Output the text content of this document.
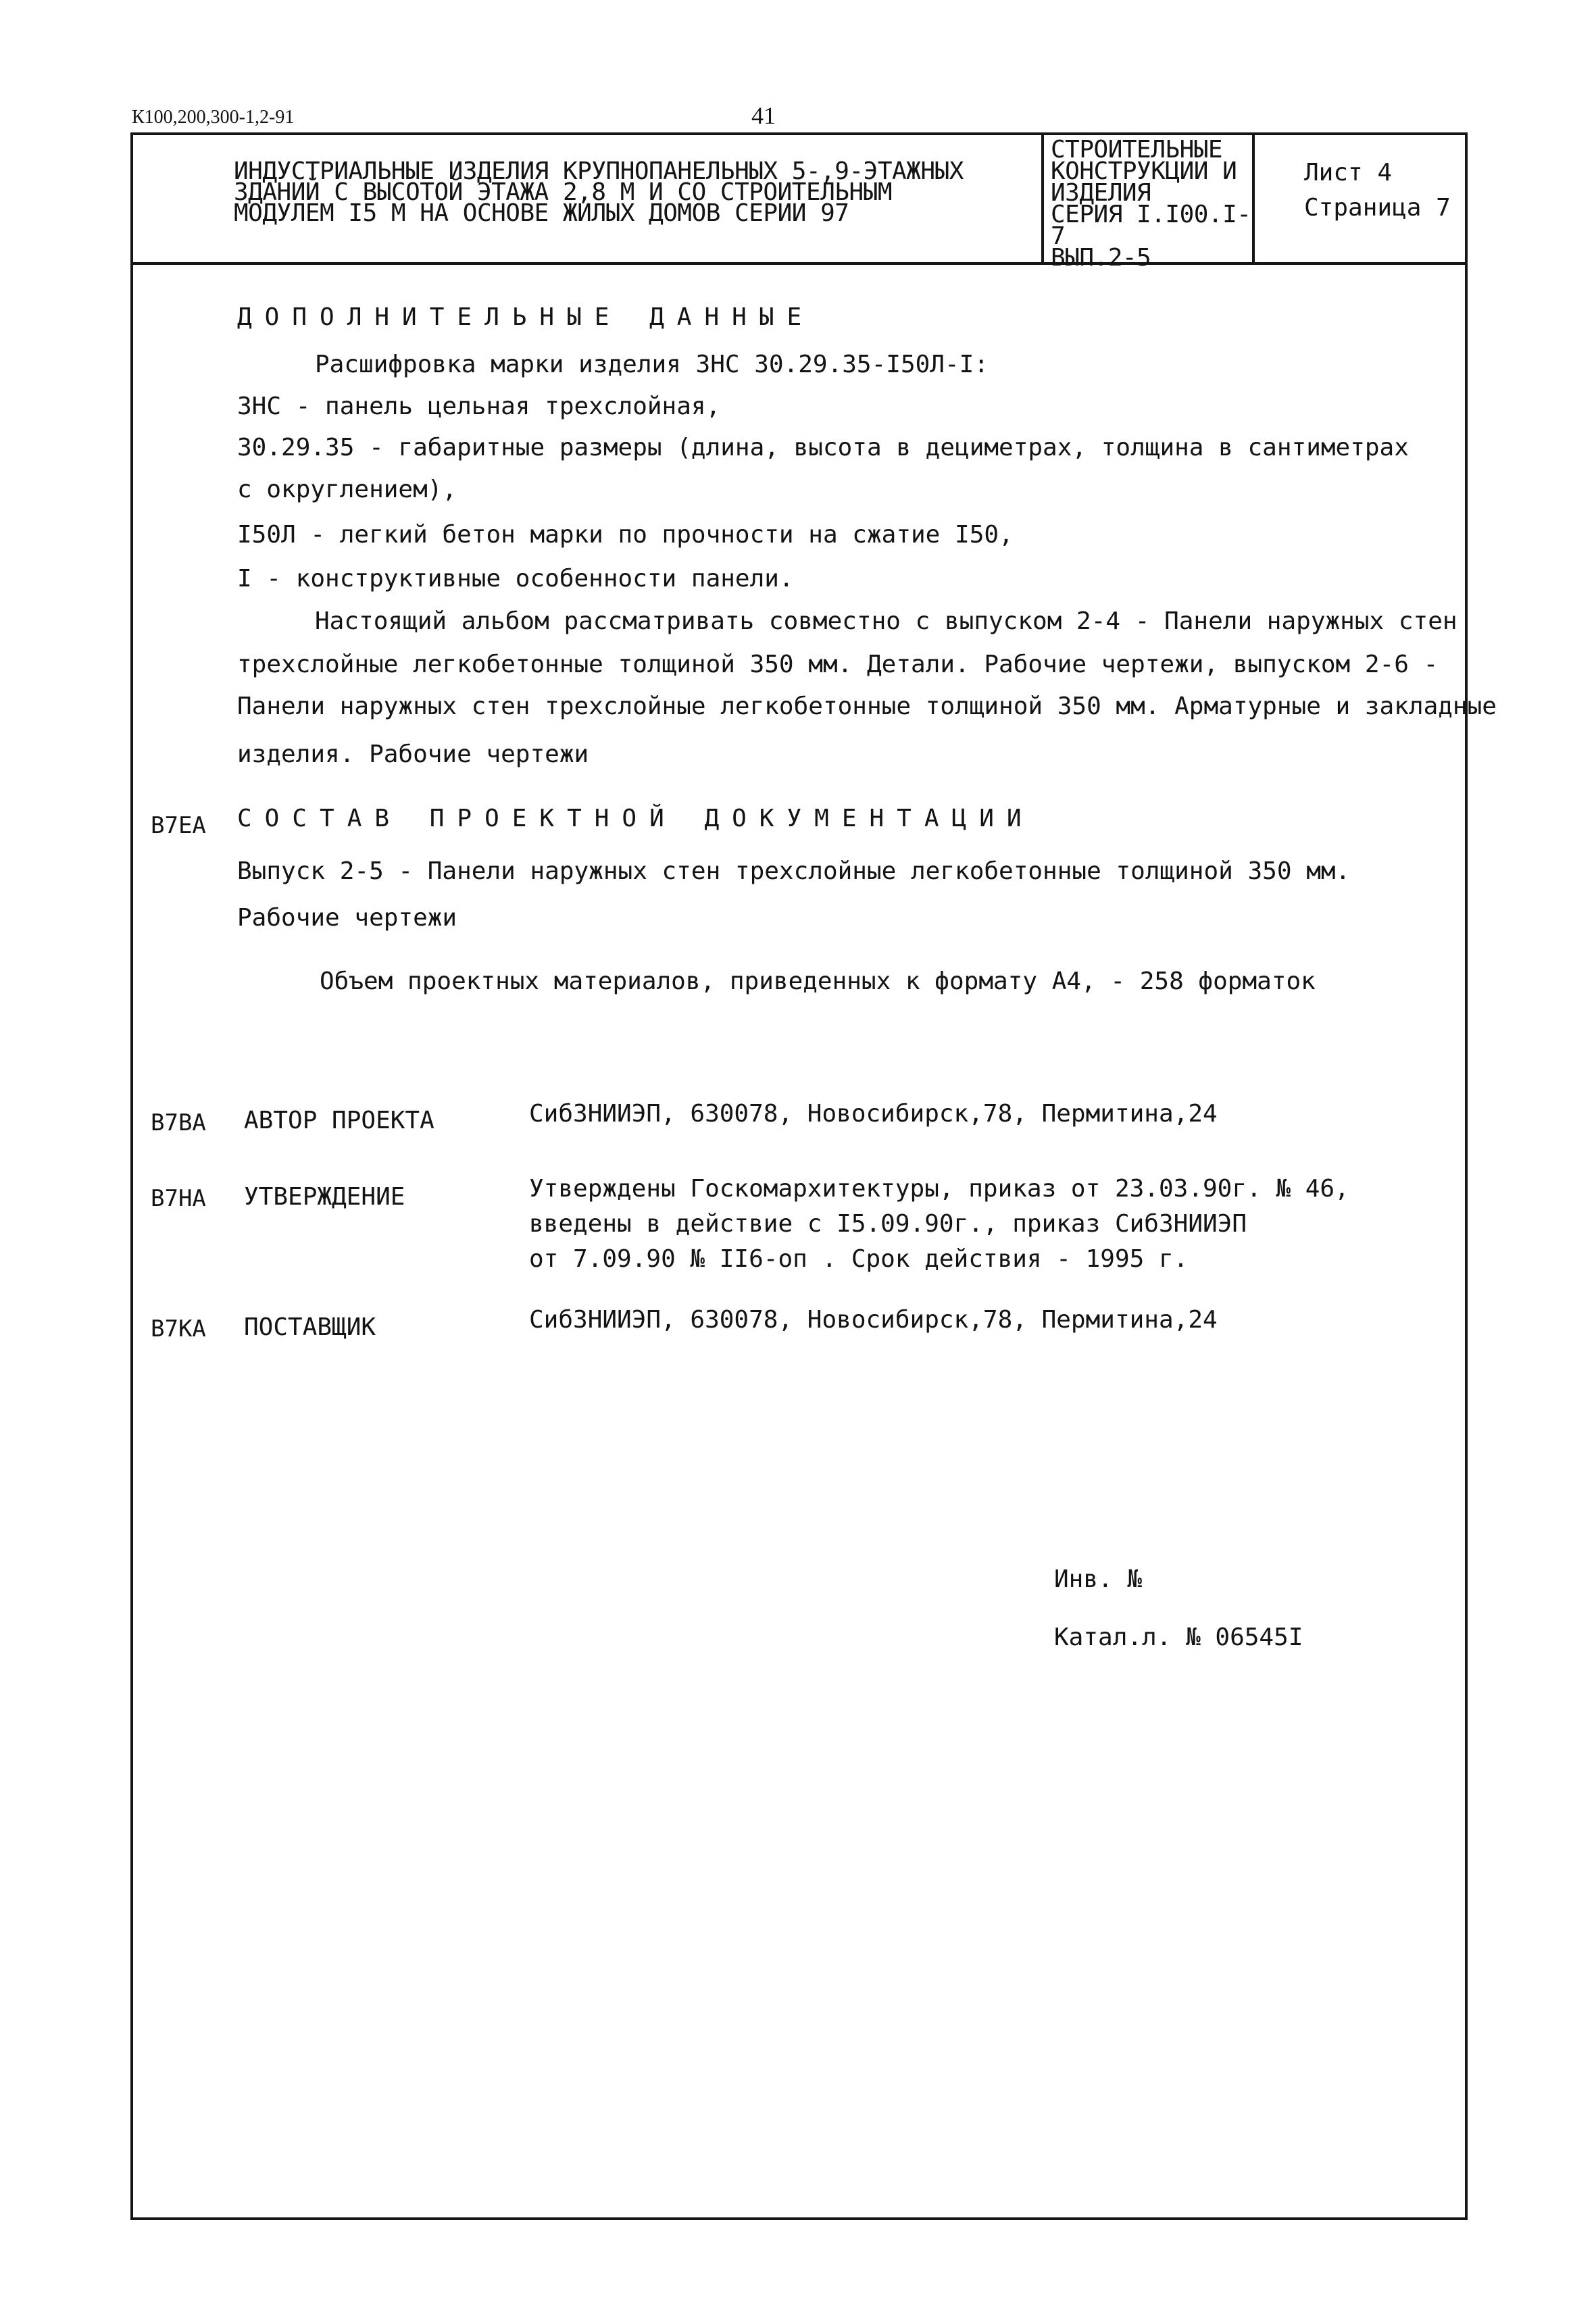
К100,200,300-1,2-91	41
ИНДУСТРИАЛЬНЫЕ ИЗДЕЛИЯ КРУПНОПАНЕЛЬНЫХ 5-,9-ЭТАЖНЫХ
ЗДАНИЙ С ВЫСОТОЙ ЭТАЖА 2,8 М И СО СТРОИТЕЛЬНЫМ
МОДУЛЕМ I5 М НА ОСНОВЕ ЖИЛЫХ ДОМОВ СЕРИИ 97
СТРОИТЕЛЬНЫЕ
КОНСТРУКЦИИ И
ИЗДЕЛИЯ
СЕРИЯ I.I00.I-7
ВЫП.2-5
Лист 4
Страница 7
ДОПОЛНИТЕЛЬНЫЕ ДАННЫЕ
Расшифровка марки изделия ЗНС 30.29.35-I50Л-I:
ЗНС - панель цельная трехслойная,
30.29.35 - габаритные размеры (длина, высота в дециметрах, толщина в сантиметрах
с округлением),
I50Л - легкий бетон марки по прочности на сжатие I50,
I - конструктивные особенности панели.
Настоящий альбом рассматривать совместно с выпуском 2-4 - Панели наружных стен
трехслойные легкобетонные толщиной 350 мм. Детали. Рабочие чертежи, выпуском 2-6 -
Панели наружных стен трехслойные легкобетонные толщиной 350 мм. Арматурные и закладные
изделия. Рабочие чертежи
В7ЕА СОСТАВ ПРОЕКТНОЙ ДОКУМЕНТАЦИИ
Выпуск 2-5 - Панели наружных стен трехслойные легкобетонные толщиной 350 мм.
Рабочие чертежи
Объем проектных материалов, приведенных к формату А4, - 258 форматок
В7ВА АВТОР ПРОЕКТА	СибЗНИИЭП, 630078, Новосибирск,78, Пермитина,24
В7НА УТВЕРЖДЕНИЕ	Утверждены Госкомархитектуры, приказ от 23.03.90г. № 46,
введены в действие с I5.09.90г., приказ СибЗНИИЭП
от 7.09.90 № II6-оп . Срок действия - 1995 г.
В7КА ПОСТАВЩИК	СибЗНИИЭП, 630078, Новосибирск,78, Пермитина,24
Инв. №
Катал.л. № 06545I
